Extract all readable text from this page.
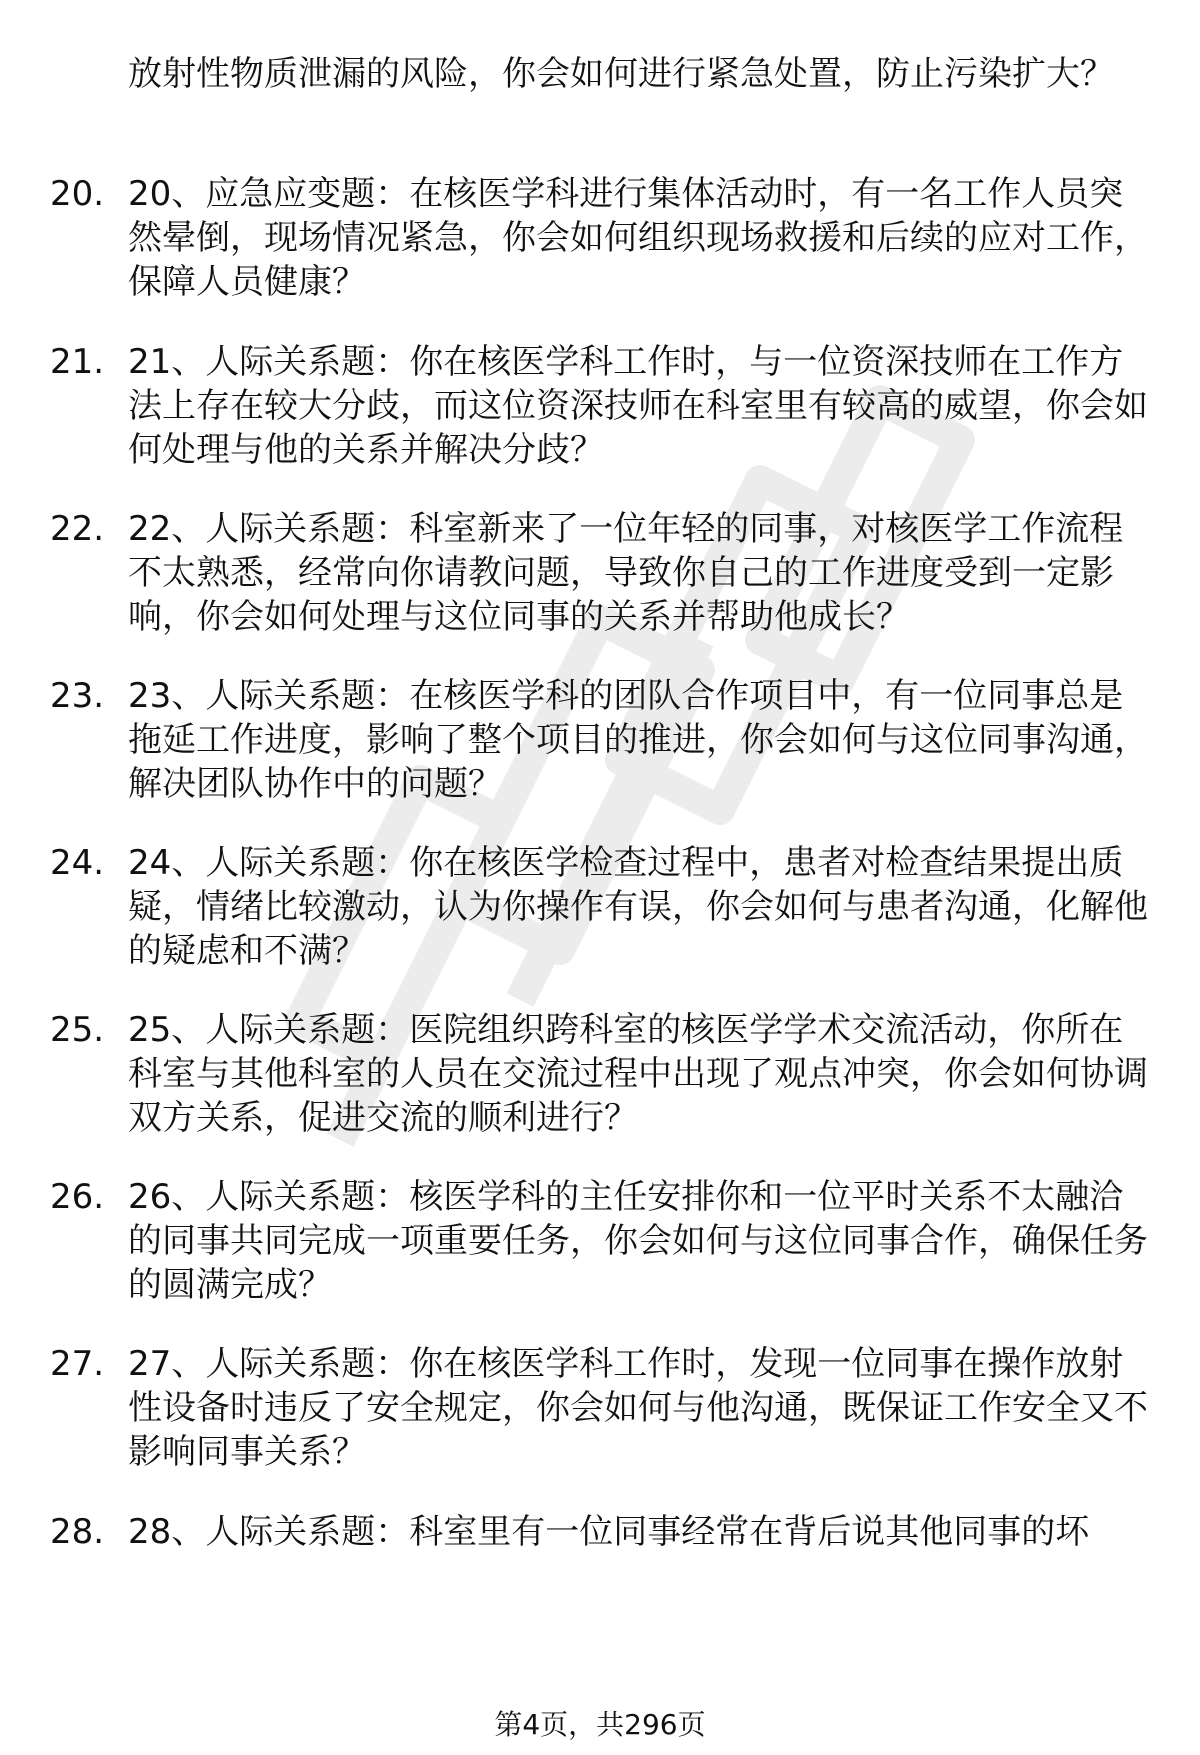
放射性物质泄漏的风险，你会如何进行紧急处置，防止污染扩大？
20. 20、应急应变题：在核医学科进行集体活动时，有一名工作人员突然晕倒，现场情况紧急，你会如何组织现场救援和后续的应对工作，保障人员健康？
21. 21、人际关系题：你在核医学科工作时，与一位资深技师在工作方法上存在较大分歧，而这位资深技师在科室里有较高的威望，你会如何处理与他的关系并解决分歧？
22. 22、人际关系题：科室新来了一位年轻的同事，对核医学工作流程不太熟悉，经常向你请教问题，导致你自己的工作进度受到一定影响，你会如何处理与这位同事的关系并帮助他成长？
23. 23、人际关系题：在核医学科的团队合作项目中，有一位同事总是拖延工作进度，影响了整个项目的推进，你会如何与这位同事沟通，解决团队协作中的问题？
24. 24、人际关系题：你在核医学检查过程中，患者对检查结果提出质疑，情绪比较激动，认为你操作有误，你会如何与患者沟通，化解他的疑虑和不满？
25. 25、人际关系题：医院组织跨科室的核医学学术交流活动，你所在科室与其他科室的人员在交流过程中出现了观点冲突，你会如何协调双方关系，促进交流的顺利进行？
26. 26、人际关系题：核医学科的主任安排你和一位平时关系不太融洽的同事共同完成一项重要任务，你会如何与这位同事合作，确保任务的圆满完成？
27. 27、人际关系题：你在核医学科工作时，发现一位同事在操作放射性设备时违反了安全规定，你会如何与他沟通，既保证工作安全又不影响同事关系？
28. 28、人际关系题：科室里有一位同事经常在背后说其他同事的坏
第4页，共296页
